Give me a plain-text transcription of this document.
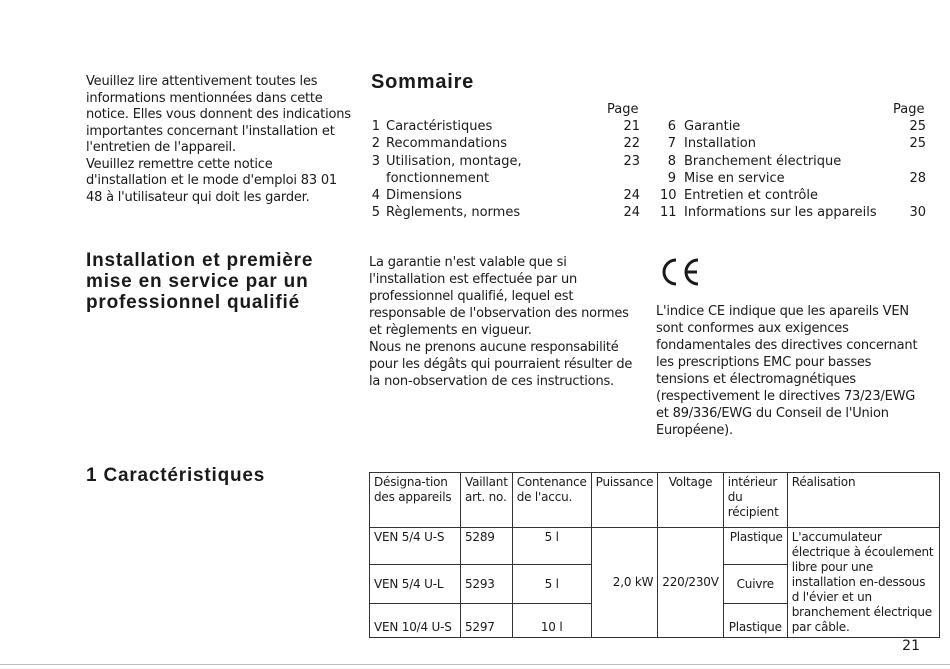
Veuillez lire attentivement toutes les informations mentionnées dans cette notice. Elles vous donnent des indications importantes concernant l'installation et l'entretien de l'appareil.

Veuillez remettre cette notice d'installation et le mode d'emploi 83 01 48 à l'utilisateur qui doit les garder.

Sommaire
Page	Page
1 Caractéristiques	21
2 Recommandations	22
3 Utilisation, montage,	23
fonctionnement
4 Dimensions	24
5 Règlements, normes	24
6 Garantie	25
7 Installation	25
8 Branchement électrique
9 Mise en service	28
10 Entretien et contrôle
11 Informations sur les appareils	30
Installation et première mise en service par un professionnel qualifié

La garantie n'est valable que si l'installation est effectuée par un professionnel qualifié, lequel est responsable de l'observation des normes et règlements en vigueur.

Nous ne prenons aucune responsabilité pour les dégâts qui pourraient résulter de la non-observation de ces instructions.

L'indice CE indique que les apareils VEN sont conformes aux exigences fondamentales des directives concernant les prescriptions EMC pour basses tensions et électromagnétiques (respectivement le directives 73/23/EWG et 89/336/EWG du Conseil de l'Union Européene).
1 Caractéristiques	Désigna-tion des appareils	Vaillant art. no.	Contenance de l'accu.	Puissance	Voltage	intérieur du récipient	Réalisation
VEN 5/4 U-S	5289	5 l	2,0 kW	220/230V	Plastique	L'accumulateur électrique à écoulement libre pour une installation en-dessous d l'évier et un branchement électrique par câble.
VEN 5/4 U-L	5293	5 l			Cuivre	
VEN 10/4 U-S	5297	10 l			Plastique	
21
